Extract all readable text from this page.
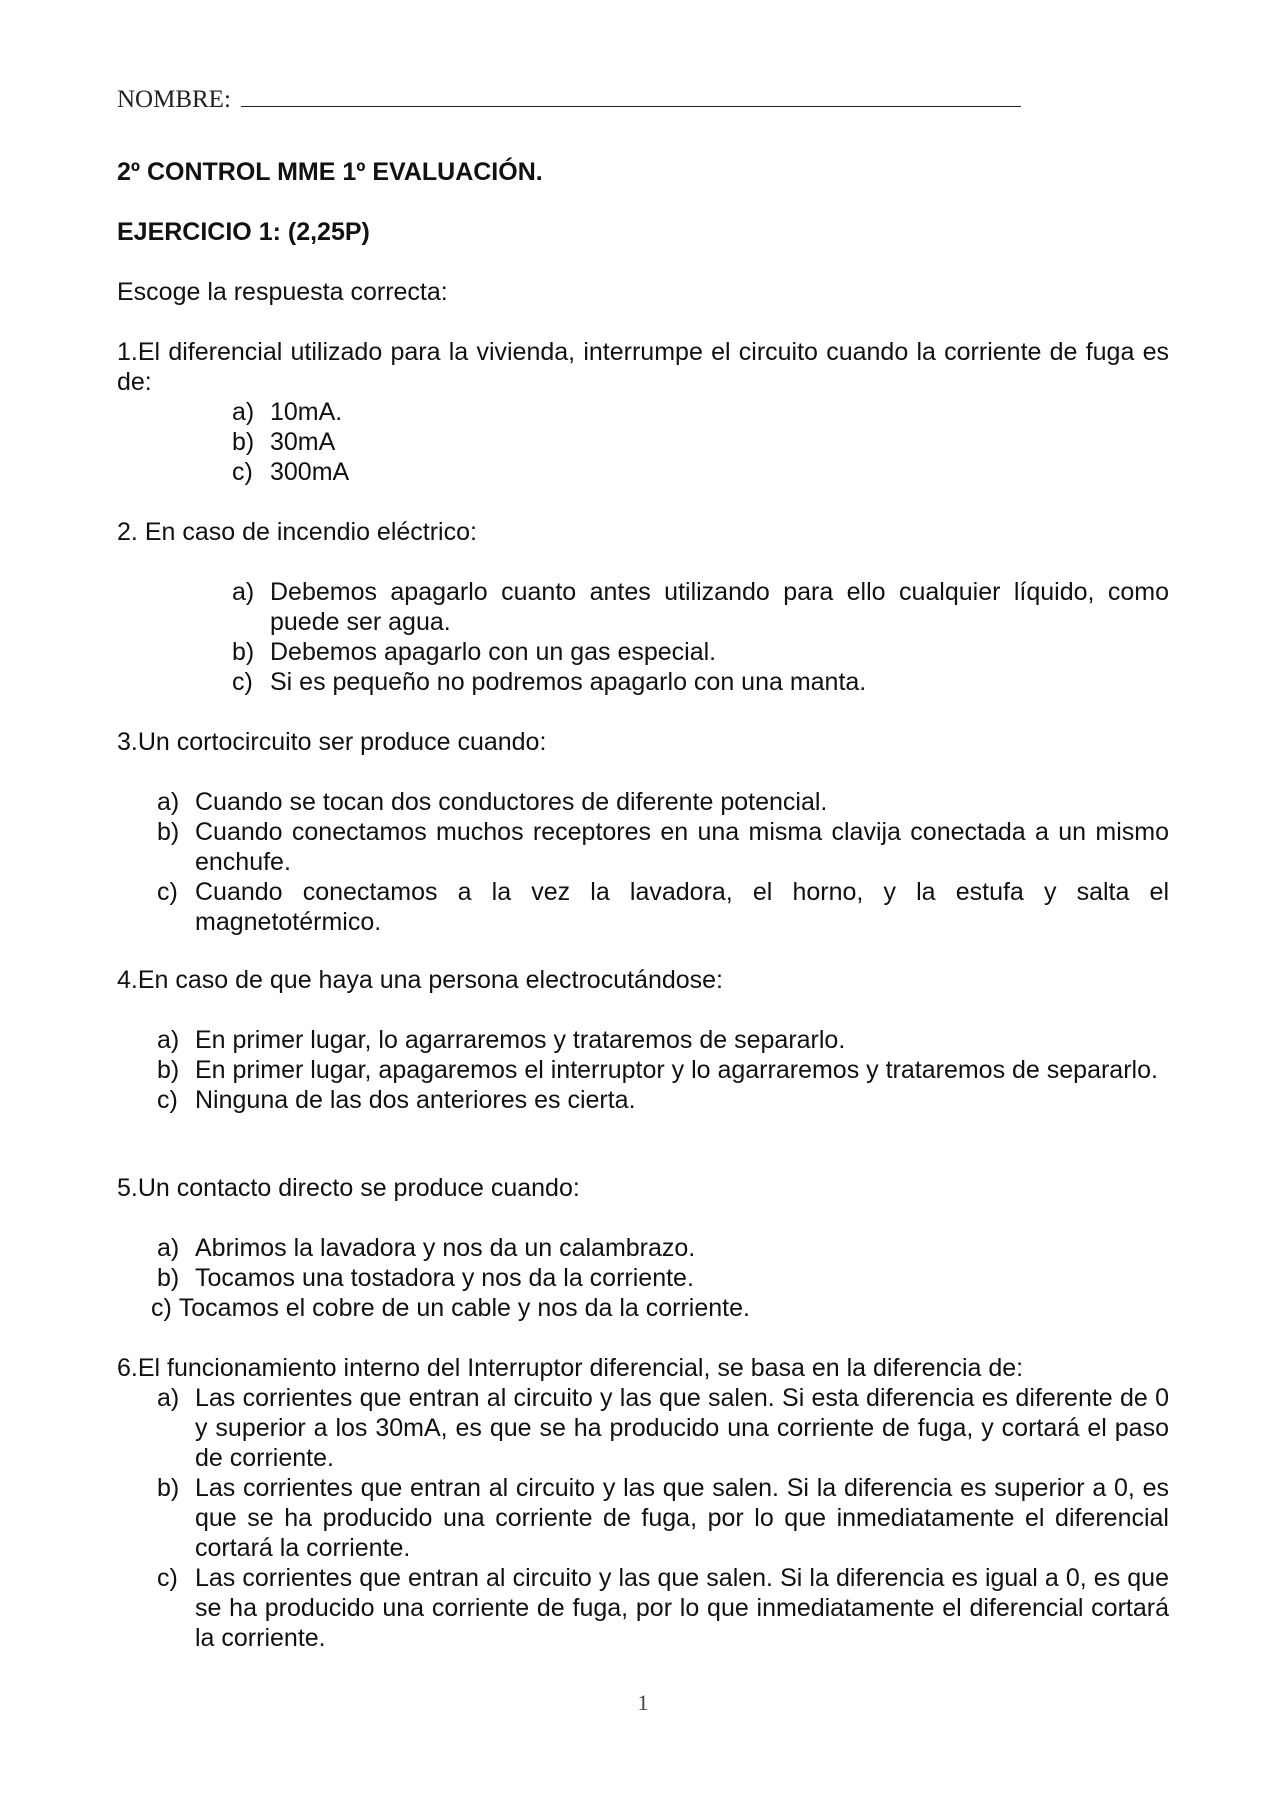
NOMBRE:
2º CONTROL MME 1º EVALUACIÓN.
EJERCICIO 1: (2,25P)
Escoge la respuesta correcta:
1.El diferencial utilizado para la vivienda, interrumpe el circuito cuando la corriente de fuga es de:
a) 10mA.
b) 30mA
c) 300mA
2. En caso de incendio eléctrico:
a) Debemos apagarlo cuanto antes utilizando para ello cualquier líquido, como puede ser agua.
b) Debemos apagarlo con un gas especial.
c) Si es pequeño no podremos apagarlo con una manta.
3.Un cortocircuito ser produce cuando:
a) Cuando se tocan dos conductores de diferente potencial.
b) Cuando conectamos muchos receptores en una misma clavija conectada a un mismo enchufe.
c) Cuando conectamos a la vez la lavadora, el horno, y la estufa y salta el magnetotérmico.
4.En caso de que haya una persona electrocutándose:
a) En primer lugar, lo agarraremos y trataremos de separarlo.
b) En primer lugar, apagaremos el interruptor y lo agarraremos y trataremos de separarlo.
c) Ninguna de las dos anteriores es cierta.
5.Un contacto directo se produce cuando:
a) Abrimos la lavadora y nos da un calambrazo.
b) Tocamos una tostadora y nos da la corriente.
c)
Tocamos el cobre de un cable y nos da la corriente.
6.El funcionamiento interno del Interruptor diferencial, se basa en la diferencia de:
a) Las corrientes que entran al circuito y las que salen. Si esta diferencia es diferente de 0 y superior a los 30mA, es que se ha producido una corriente de fuga, y cortará el paso de corriente.
b) Las corrientes que entran al circuito y las que salen. Si la diferencia es superior a 0, es que se ha producido una corriente de fuga, por lo que inmediatamente el diferencial cortará la corriente.
c) Las corrientes que entran al circuito y las que salen. Si la diferencia es igual a 0, es que se ha producido una corriente de fuga, por lo que inmediatamente el diferencial cortará la corriente.
1
